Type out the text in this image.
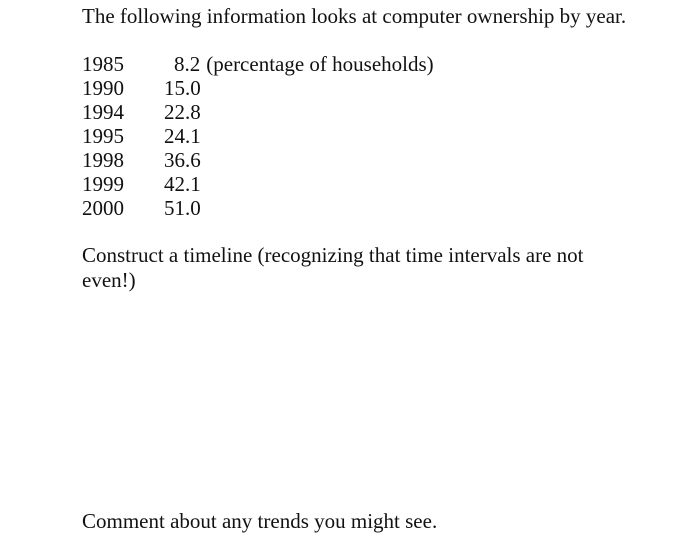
The following information looks at computer ownership by year.
1985 8.2 (percentage of households)
1990 15.0
1994 22.8
1995 24.1
1998 36.6
1999 42.1
2000 51.0
Construct a timeline (recognizing that time intervals are not even!)
Comment about any trends you might see.
